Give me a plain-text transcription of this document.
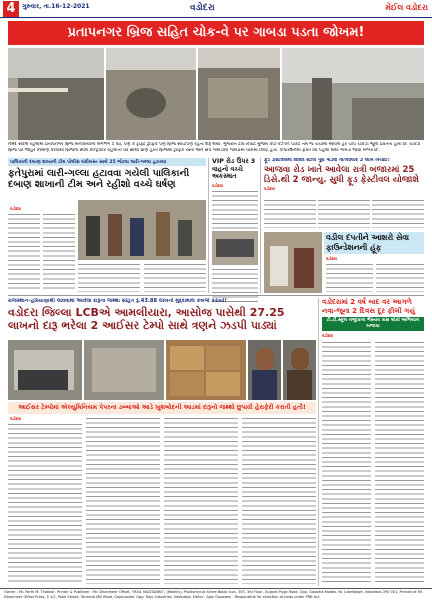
4	ગુરુવાર, તા.16-12-2021	વડોદરા	મેઈલ વડોદરા
પ્રતાપનગર બ્રિજ સહિત ચોક-વે પર ગાબડા પડતા જોખમ!
નર્મદ સંકલ રહેલામાં પ્રતાપનગર બ્રિજ બનાવાયાના લગભગ 5 વર્ષ, પણ કે ટ્રાફ્ટ ટ્રાફિક પણ બ્રિજ સ્પષ્ટપણે રહેતાં શરૂ થયો. ગુજરાત ટીવ રિપોર્ટ મુજબ કાટ-કેઝીન પાકેટ તેમ જ ચર્ચામાં આવેલ હર ચોપ ચોકડી જૂના પ્રવર્તતો હોય છે. ચોકડી
બ્રિજ પર જાહેર નિર્માણ કરવામાં બ્રિજનો સ્પેલ કોન્ટ્રક્ટરે વહેલાતી વર્ષ સૌથી પ્રાણ હોતાં બ્રિજમાં ટ્રાફિક રસ્તા અને સર્પ ગાબડાના ગામડામાં પારીમાં ક્વિદ્ર હતા. કોર્પોરેશનમાં ફક્ત વર્ષ પહેલાં થયા ગામડાં જોવા મળ્યા છે.
પાલિકાની દબાણ શાખાની ટીમ પોલીસ બંદોબસ્ત સાથે 25 જેટલા લારી-ગલ્લા હટાવ્યા
ફતેપુરામાં લારી-ગલ્લા હટાવવા ગયેલી પાલિકાની દબાણ શાખાની ટીમ અને રહીશો વચ્ચે ઘર્ષણ
વડોદરા
VIP રોડ ઉપર 3 વાહનો વચ્ચે અકસ્માત
વડોદરા
ફૂડ ડેસ્ટિવલમાં વિવિધ સ્ટોલ પૂરા પાડવા તાત્કાલિક 3 લાખ ખર્ચાઈ!
આજવા રોડ ખાતે આવેલા રાત્રી બજારમાં 25 ડિસે.થી 2 જાન્યુ. સુધી ફૂડ ફેસ્ટીવલ યોજાશે
વડોદરા
વડીલ દંપતીને આશરો સેવા ફાઉન્ડેશનની હૂંફ
વડોદરા
રાજસ્થાન-હરિયાણાથી લાવવામાં આવેલા દારૂના જથ્થા સહિત રૂ.43.88 લાખનો મુદ્દામાલ કબજે કરાયો!
વડોદરા જિલ્લા LCBએ આમલીયારા, આસોજ પાસેથી 27.25 લાખનો દારૂ ભરેલા 2 આઈસર ટેમ્પો સાથે ત્રણને ઝડપી પાડ્યાં
આઈસર ટેમ્પોમાં એલ્યુમિનિયમ પેપરના ડબ્બાઓ આડે ખુશબોદની આડમાં દારૂનો જથ્થો છુપાવી હેરાફેરી કરાતી હતી!
વડોદરા
વડોદરામાં 2 વર્ષ બાદ વર આગળે નવા-જૂના 2 દિવસ દૂર ફીલી ગયું
ટી.ટી.સ્કૂલ નજીકના ભૈસ્તાવ ત્રાસ લોકો અભિયાન બજાવા
વડોદરા
Owner : Mr. Parth M. Thakkar, Printer & Publisher : Mr. Dhanmeer Offset, "MAIL VADODARA", (Weekly), Published at Shree Balaji Icon, 305, 3rd Floor, Gujarat Puga Road, Opp. Galaxtia Modes, Nr. Jubeilbagh, Vadodara-390 001. Printed at Mr. Dhanmeer Offset Press, 5 1/1, Patel Estate, Tansena Mill Road, Gajanavadi, Opp. Raju Industries, Vadodara. Editor : Ajay Goswami - Responsible for selection of news under PRB Act.
